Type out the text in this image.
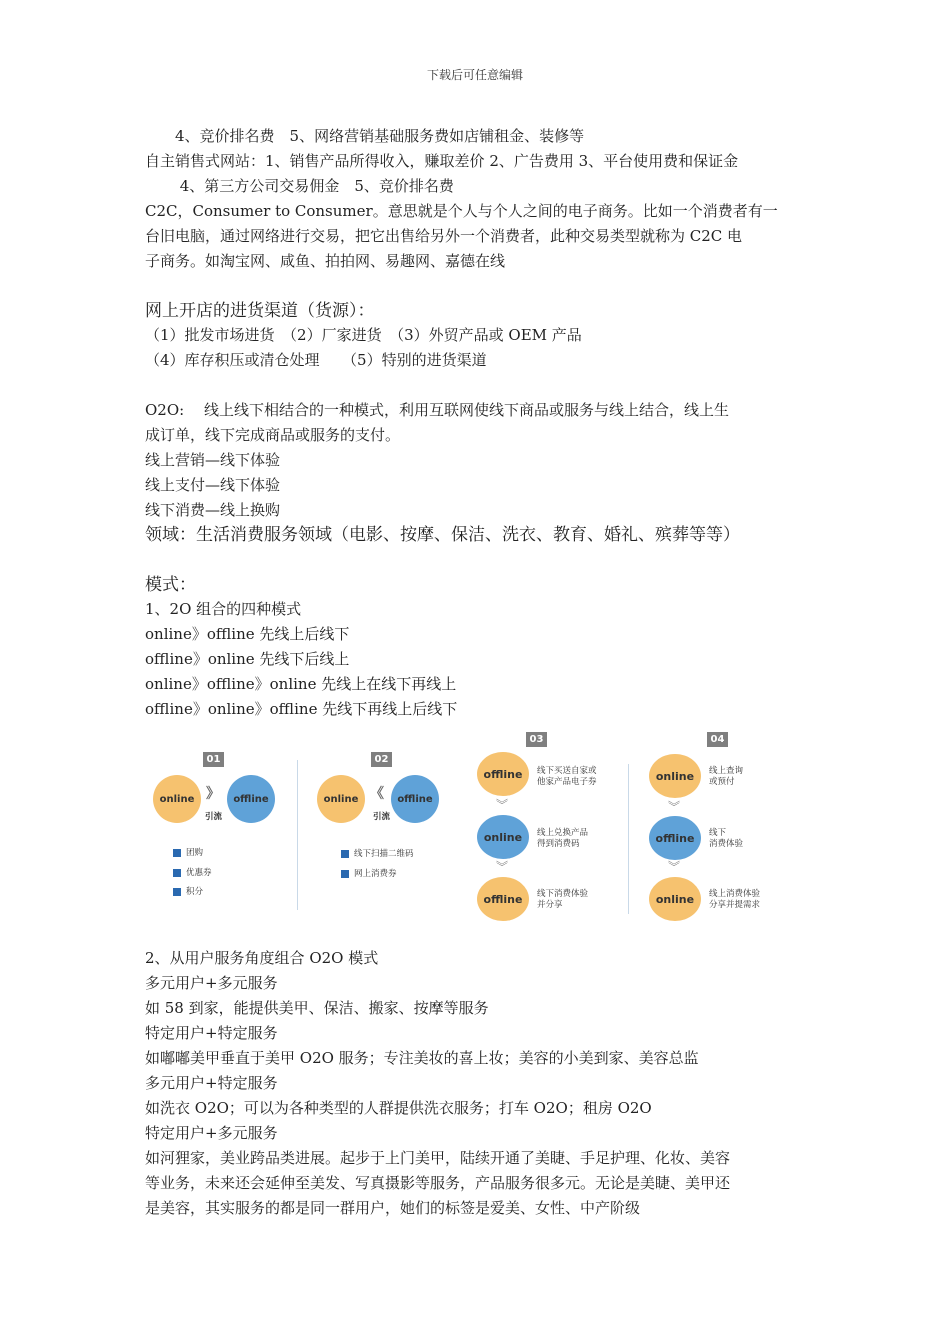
下载后可任意编辑
　　4、竞价排名费　5、网络营销基础服务费如店铺租金、装修等
自主销售式网站：1、销售产品所得收入，赚取差价 2、广告费用 3、平台使用费和保证金
　　 4、第三方公司交易佣金　5、竞价排名费
C2C，Consumer to Consumer。意思就是个人与个人之间的电子商务。比如一个消费者有一
台旧电脑，通过网络进行交易，把它出售给另外一个消费者，此种交易类型就称为 C2C 电
子商务。如淘宝网、咸鱼、拍拍网、易趣网、嘉德在线
网上开店的进货渠道（货源）：
（1）批发市场进货　（2）厂家进货　（3）外贸产品或 OEM 产品
（4）库存积压或清仓处理　　（5）特别的进货渠道
O2O:　 线上线下相结合的一种模式，利用互联网使线下商品或服务与线上结合，线上生
成订单，线下完成商品或服务的支付。
线上营销—线下体验
线上支付—线下体验
线下消费—线上换购
领域：生活消费服务领域（电影、按摩、保洁、洗衣、教育、婚礼、殡葬等等）
模式：
1、2O 组合的四种模式
online》offline 先线上后线下
offline》online 先线下后线上
online》offline》online 先线上在线下再线上
offline》online》offline 先线下再线上后线下
2、从用户服务角度组合 O2O 模式
多元用户+多元服务
如 58 到家，能提供美甲、保洁、搬家、按摩等服务
特定用户+特定服务
如嘟嘟美甲垂直于美甲 O2O 服务；专注美妆的喜上妆；美容的小美到家、美容总监
多元用户+特定服务
如洗衣 O2O；可以为各种类型的人群提供洗衣服务；打车 O2O；租房 O2O
特定用户+多元服务
如河狸家，美业跨品类进展。起步于上门美甲，陆续开通了美睫、手足护理、化妆、美容
等业务，未来还会延伸至美发、写真摄影等服务，产品服务很多元。无论是美睫、美甲还
是美容，其实服务的都是同一群用户，她们的标签是爱美、女性、中产阶级
01
online 》	offline
引流
团购
优惠券
积分
02
online 《	offline
引流
线下扫描二维码
网上消费券
03
offline	线下买送自家或
他家产品电子券
︾
online	线上兑换产品
得到消费码
︾
offline	线下消费体验
并分享
04
online	线上查询
或预付
︾
offline	线下
消费体验
︾
online	线上消费体验
分享并提需求
